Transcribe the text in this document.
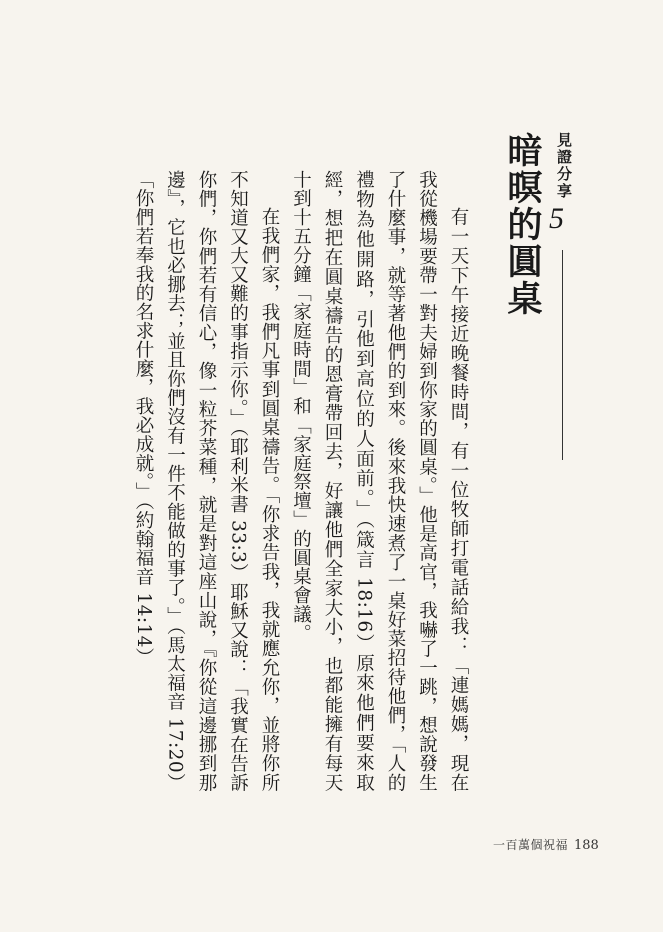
見證分享
5
暗暝的圓桌

有一天下午接近晚餐時間，有一位牧師打電話給我：「連媽媽，現在我從機場要帶一對夫婦到你家的圓桌。」他是高官，我嚇了一跳，想說發生了什麼事，就等著他們的到來。後來我快速煮了一桌好菜招待他們，「人的禮物為他開路，引他到高位的人面前。」（箴言 18:16）原來他們要來取經，想把在圓桌禱告的恩膏帶回去，好讓他們全家大小，也都能擁有每天十到十五分鐘「家庭時間」和「家庭祭壇」的圓桌會議。

在我們家，我們凡事到圓桌禱告。「你求告我，我就應允你，並將你所不知道又大又難的事指示你。」（耶利米書 33:3）耶穌又說：「我實在告訴你們，你們若有信心，像一粒芥菜種，就是對這座山說，『你從這邊挪到那邊』，它也必挪去；並且你們沒有一件不能做的事了。」（馬太福音 17:20）「你們若奉我的名求什麼，我必成就。」（約翰福音 14:14）

一百萬個祝福 188
